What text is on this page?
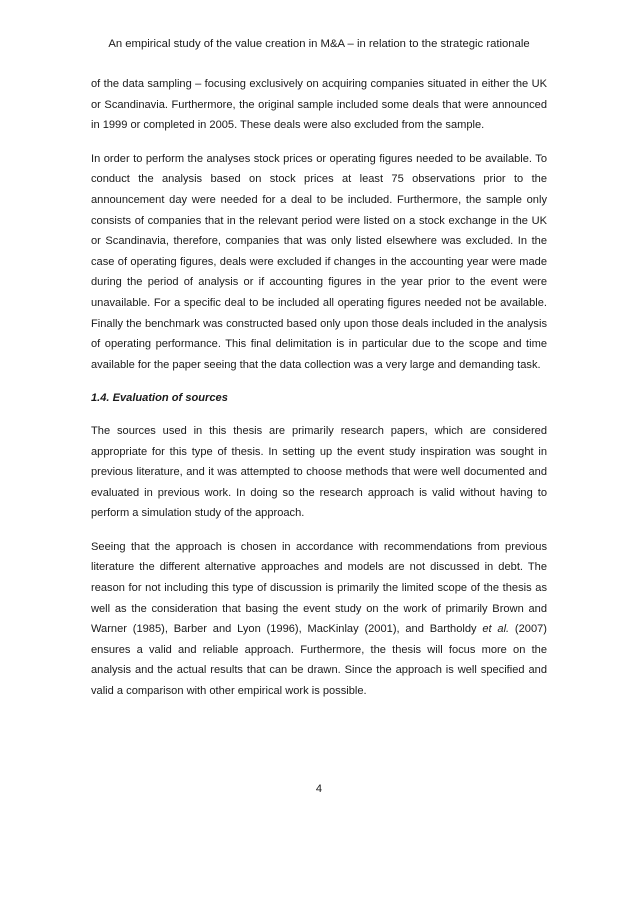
An empirical study of the value creation in M&A – in relation to the strategic rationale

of the data sampling – focusing exclusively on acquiring companies situated in either the UK or Scandinavia. Furthermore, the original sample included some deals that were announced in 1999 or completed in 2005. These deals were also excluded from the sample.

In order to perform the analyses stock prices or operating figures needed to be available. To conduct the analysis based on stock prices at least 75 observations prior to the announcement day were needed for a deal to be included. Furthermore, the sample only consists of companies that in the relevant period were listed on a stock exchange in the UK or Scandinavia, therefore, companies that was only listed elsewhere was excluded. In the case of operating figures, deals were excluded if changes in the accounting year were made during the period of analysis or if accounting figures in the year prior to the event were unavailable. For a specific deal to be included all operating figures needed not be available. Finally the benchmark was constructed based only upon those deals included in the analysis of operating performance. This final delimitation is in particular due to the scope and time available for the paper seeing that the data collection was a very large and demanding task.

1.4. Evaluation of sources

The sources used in this thesis are primarily research papers, which are considered appropriate for this type of thesis. In setting up the event study inspiration was sought in previous literature, and it was attempted to choose methods that were well documented and evaluated in previous work. In doing so the research approach is valid without having to perform a simulation study of the approach.

Seeing that the approach is chosen in accordance with recommendations from previous literature the different alternative approaches and models are not discussed in debt. The reason for not including this type of discussion is primarily the limited scope of the thesis as well as the consideration that basing the event study on the work of primarily Brown and Warner (1985), Barber and Lyon (1996), MacKinlay (2001), and Bartholdy et al. (2007) ensures a valid and reliable approach. Furthermore, the thesis will focus more on the analysis and the actual results that can be drawn. Since the approach is well specified and valid a comparison with other empirical work is possible.

4
